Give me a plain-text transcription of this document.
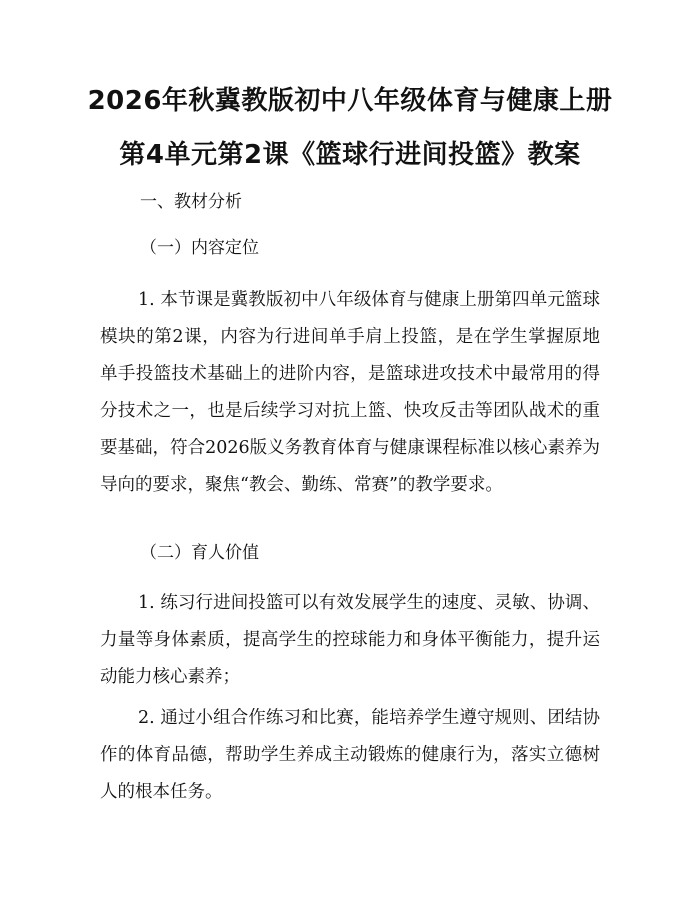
2026年秋冀教版初中八年级体育与健康上册
第4单元第2课《篮球行进间投篮》教案
一、教材分析
（一）内容定位
1. 本节课是冀教版初中八年级体育与健康上册第四单元篮球模块的第2课，内容为行进间单手肩上投篮，是在学生掌握原地单手投篮技术基础上的进阶内容，是篮球进攻技术中最常用的得分技术之一，也是后续学习对抗上篮、快攻反击等团队战术的重要基础，符合2026版义务教育体育与健康课程标准以核心素养为导向的要求，聚焦“教会、勤练、常赛”的教学要求。
（二）育人价值
1. 练习行进间投篮可以有效发展学生的速度、灵敏、协调、力量等身体素质，提高学生的控球能力和身体平衡能力，提升运动能力核心素养；
2. 通过小组合作练习和比赛，能培养学生遵守规则、团结协作的体育品德，帮助学生养成主动锻炼的健康行为，落实立德树人的根本任务。
